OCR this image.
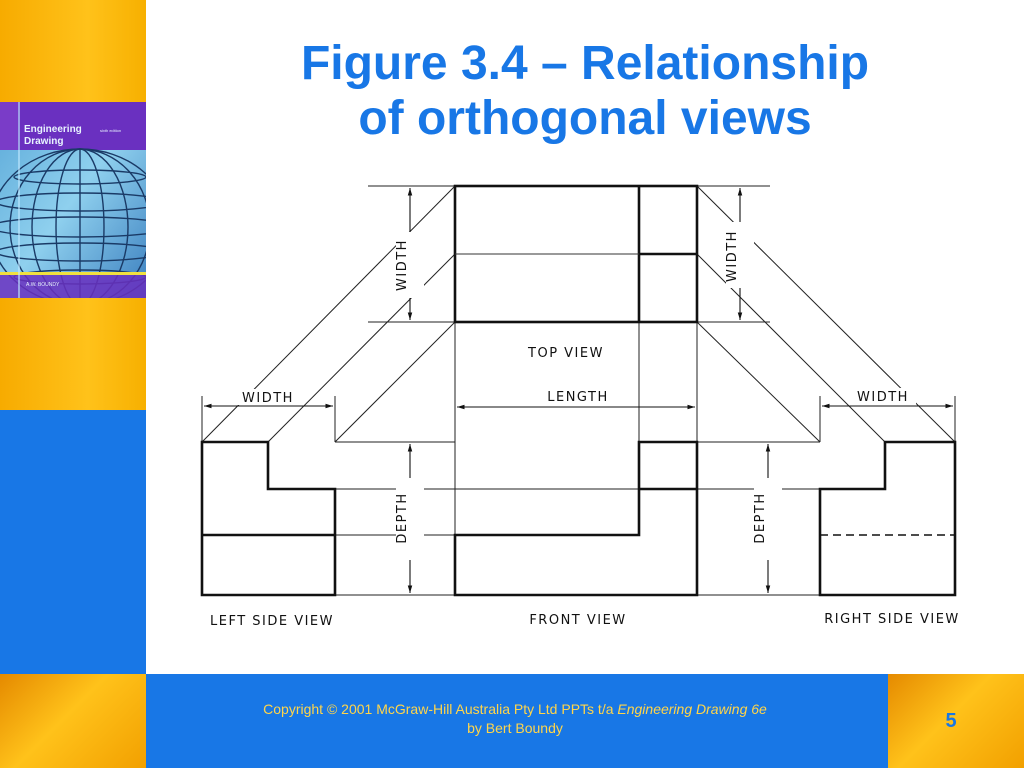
Engineering
Drawing
sixth edition
A.W. BOUNDY
Figure 3.4 – Relationship
of orthogonal views
WIDTH	WIDTH
DEPTH	DEPTH
LENGTH
WIDTH	WIDTH
TOP VIEW
FRONT VIEW
LEFT SIDE VIEW	RIGHT SIDE VIEW
Copyright © 2001 McGraw-Hill Australia Pty Ltd PPTs t/a Engineering Drawing 6e
by Bert Boundy	5
